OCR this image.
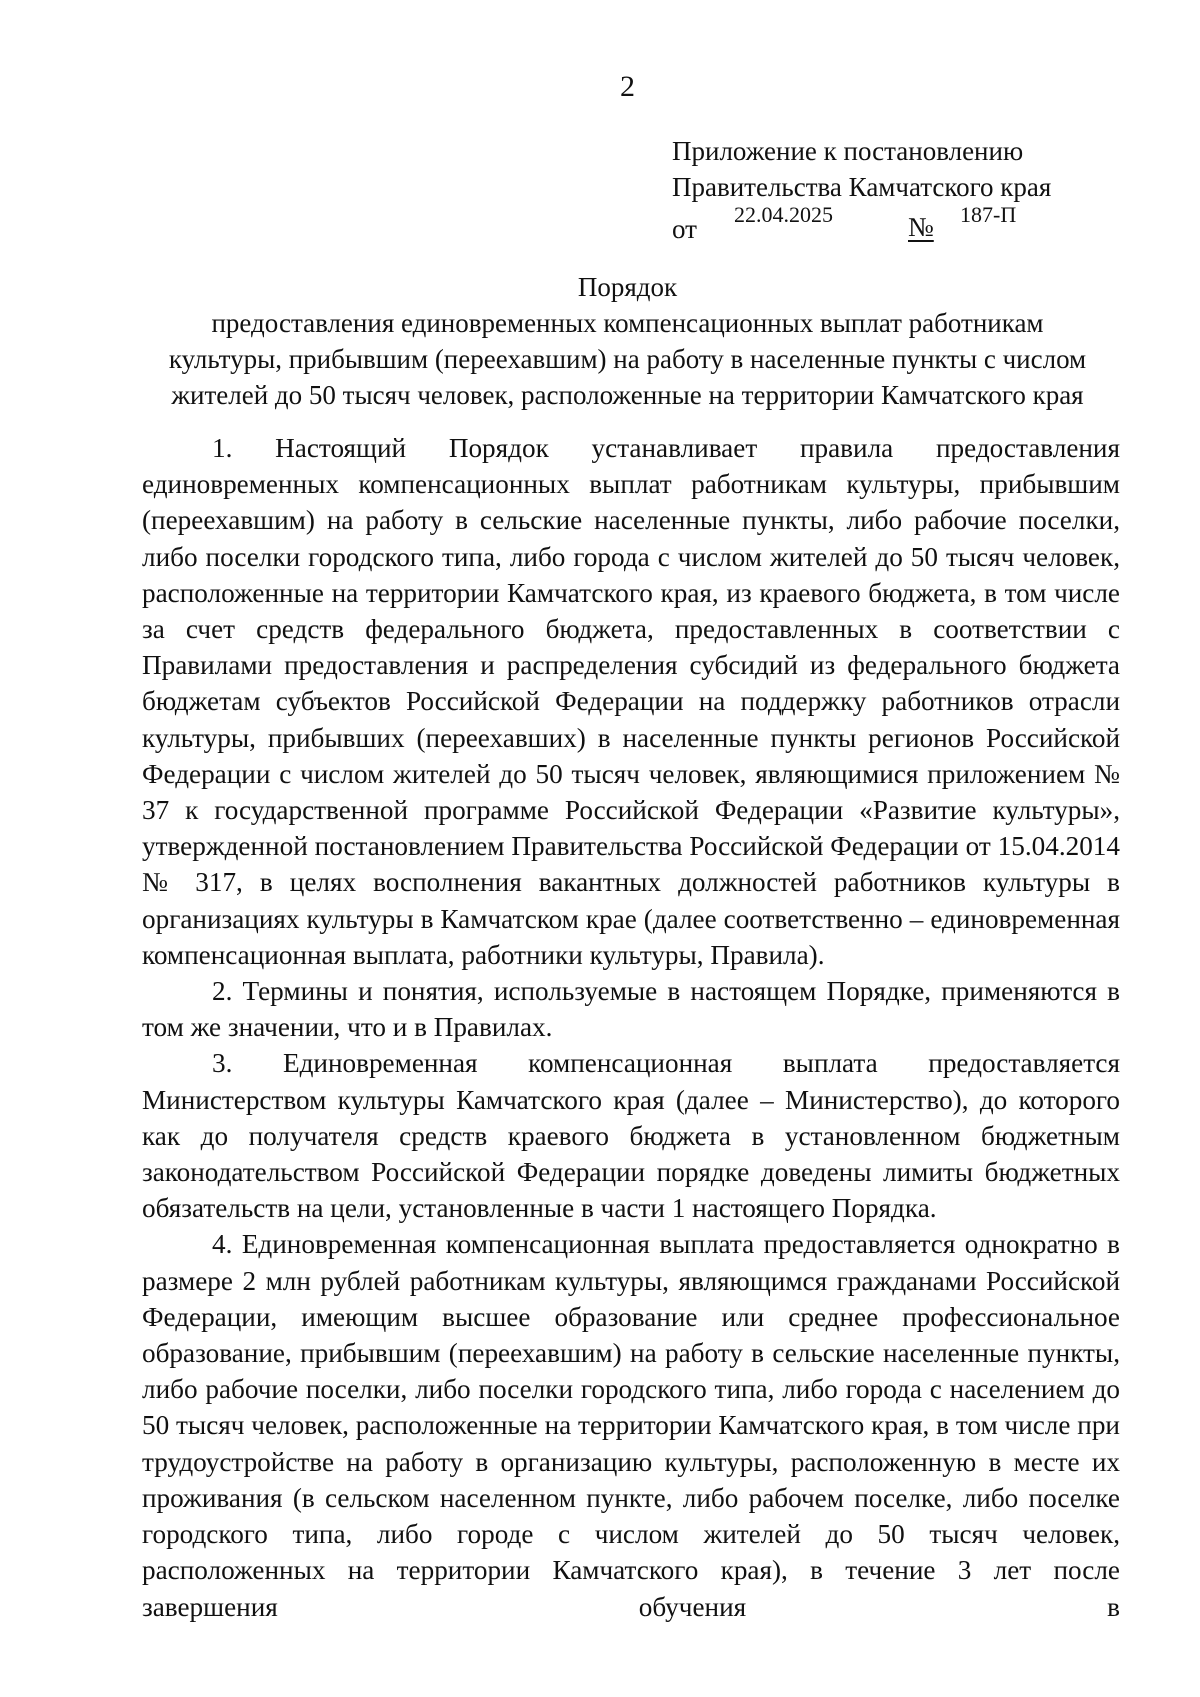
2
Приложение к постановлению
Правительства Камчатского края
от 22.04.2025	№ 187-П
Порядок
предоставления единовременных компенсационных выплат работникам
культуры, прибывшим (переехавшим) на работу в населенные пункты с числом
жителей до 50 тысяч человек, расположенные на территории Камчатского края

1. Настоящий Порядок устанавливает правила предоставления единовременных компенсационных выплат работникам культуры, прибывшим (переехавшим) на работу в сельские населенные пункты, либо рабочие поселки, либо поселки городского типа, либо города с числом жителей до 50 тысяч человек, расположенные на территории Камчатского края, из краевого бюджета, в том числе за счет средств федерального бюджета, предоставленных в соответствии с Правилами предоставления и распределения субсидий из федерального бюджета бюджетам субъектов Российской Федерации на поддержку работников отрасли культуры, прибывших (переехавших) в населенные пункты регионов Российской Федерации с числом жителей до 50 тысяч человек, являющимися приложением № 37 к государственной программе Российской Федерации «Развитие культуры», утвержденной постановлением Правительства Российской Федерации от 15.04.2014 № 317, в целях восполнения вакантных должностей работников культуры в организациях культуры в Камчатском крае (далее соответственно – единовременная компенсационная выплата, работники культуры, Правила).

2. Термины и понятия, используемые в настоящем Порядке, применяются в том же значении, что и в Правилах.

3. Единовременная компенсационная выплата предоставляется Министерством культуры Камчатского края (далее – Министерство), до которого как до получателя средств краевого бюджета в установленном бюджетным законодательством Российской Федерации порядке доведены лимиты бюджетных обязательств на цели, установленные в части 1 настоящего Порядка.

4. Единовременная компенсационная выплата предоставляется однократно в размере 2 млн рублей работникам культуры, являющимся гражданами Российской Федерации, имеющим высшее образование или среднее профессиональное образование, прибывшим (переехавшим) на работу в сельские населенные пункты, либо рабочие поселки, либо поселки городского типа, либо города с населением до 50 тысяч человек, расположенные на территории Камчатского края, в том числе при трудоустройстве на работу в организацию культуры, расположенную в месте их проживания (в сельском населенном пункте, либо рабочем поселке, либо поселке городского типа, либо городе с числом жителей до 50 тысяч человек, расположенных на территории Камчатского края), в течение 3 лет после завершения обучения в
